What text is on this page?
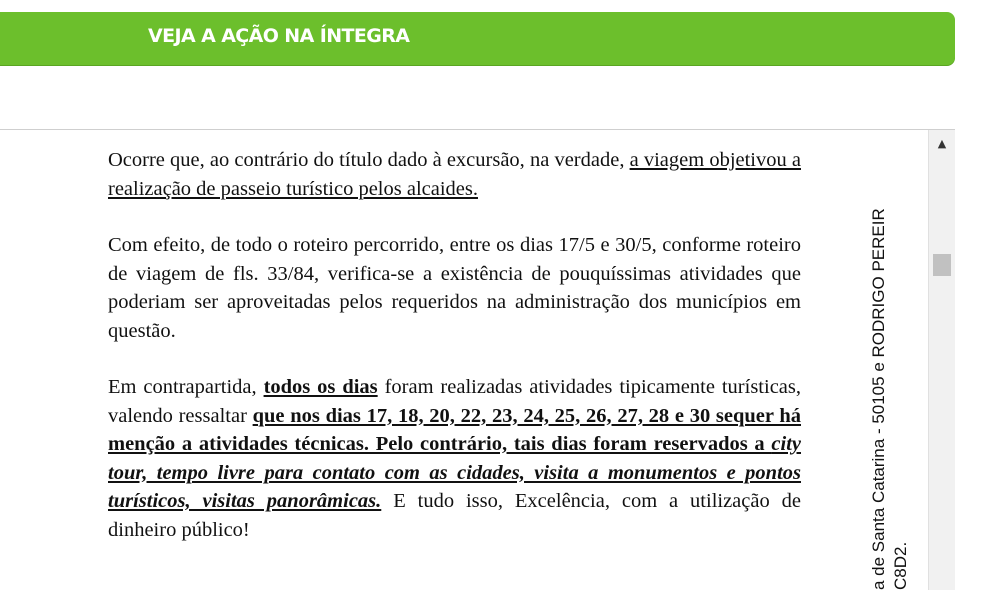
VEJA A AÇÃO NA ÍNTEGRA

Ocorre que, ao contrário do título dado à excursão, na verdade, a viagem objetivou a realização de passeio turístico pelos alcaides.

Com efeito, de todo o roteiro percorrido, entre os dias 17/5 e 30/5, conforme roteiro de viagem de fls. 33/84, verifica-se a existência de pouquíssimas atividades que poderiam ser aproveitadas pelos requeridos na administração dos municípios em questão.

Em contrapartida, todos os dias foram realizadas atividades tipicamente turísticas, valendo ressaltar que nos dias 17, 18, 20, 22, 23, 24, 25, 26, 27, 28 e 30 sequer há menção a atividades técnicas. Pelo contrário, tais dias foram reservados a city tour, tempo livre para contato com as cidades, visita a monumentos e pontos turísticos, visitas panorâmicas. E tudo isso, Excelência, com a utilização de dinheiro público!	a de Santa Catarina - 50105 e RODRIGO PEREIR C8D2.
▲
